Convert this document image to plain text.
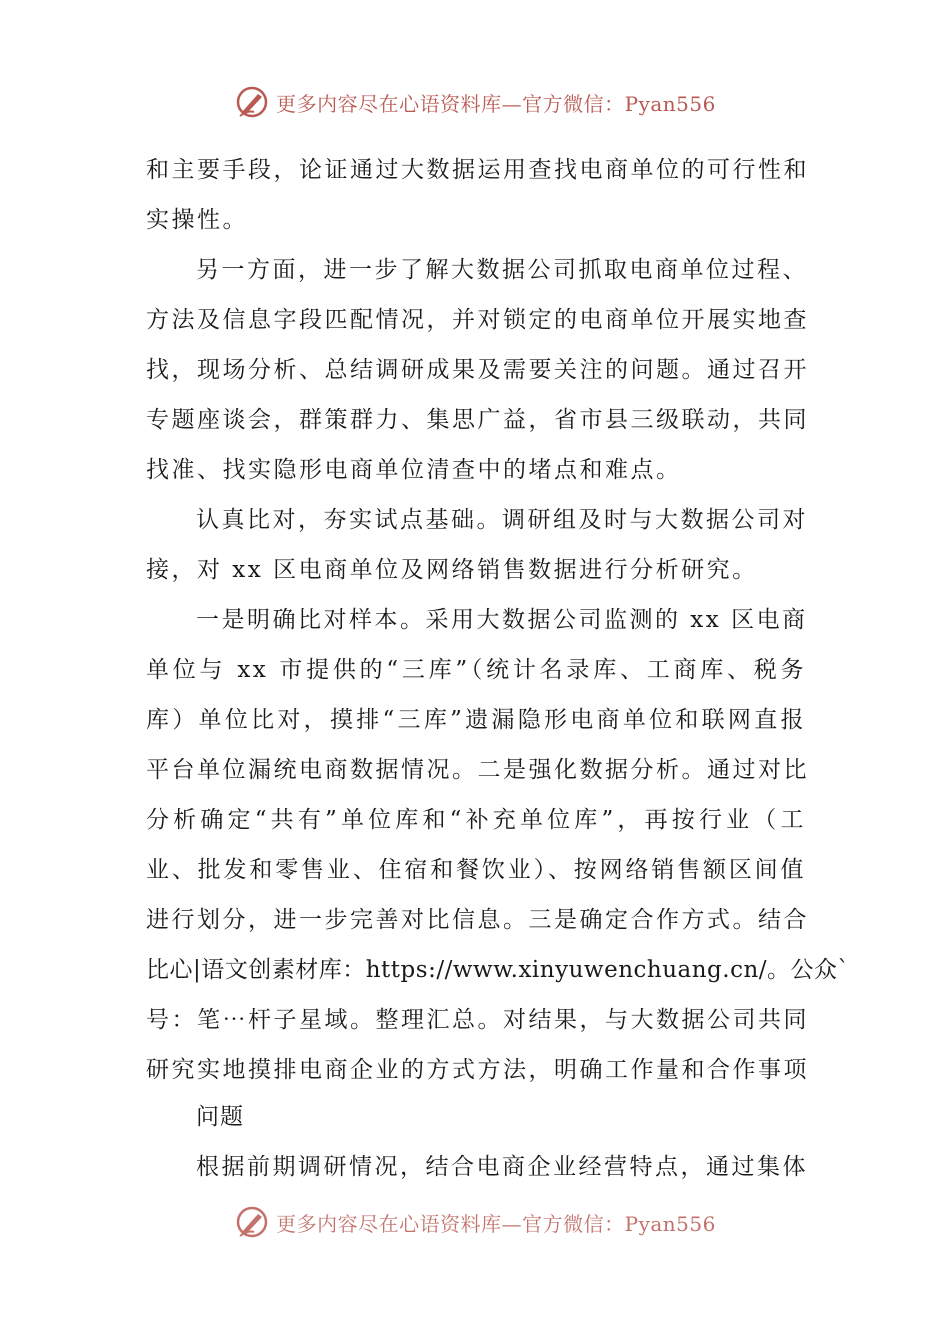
更多内容尽在心语资料库—官方微信：Pyan556
和主要手段，论证通过大数据运用查找电商单位的可行性和
实操性。
另一方面，进一步了解大数据公司抓取电商单位过程、
方法及信息字段匹配情况，并对锁定的电商单位开展实地查
找，现场分析、总结调研成果及需要关注的问题。通过召开
专题座谈会，群策群力、集思广益，省市县三级联动，共同
找准、找实隐形电商单位清查中的堵点和难点。
认真比对，夯实试点基础。调研组及时与大数据公司对
接，对 xx 区电商单位及网络销售数据进行分析研究。
一是明确比对样本。采用大数据公司监测的 xx 区电商
单位与 xx 市提供的“三库”（统计名录库、工商库、税务
库）单位比对，摸排“三库”遗漏隐形电商单位和联网直报
平台单位漏统电商数据情况。二是强化数据分析。通过对比
分析确定“共有”单位库和“补充单位库”，再按行业（工
业、批发和零售业、住宿和餐饮业）、按网络销售额区间值
进行划分，进一步完善对比信息。三是确定合作方式。结合
比心|语文创素材库：https://www.xinyuwenchuang.cn/。公众`
号：笔⋯杆子星域。整理汇总。对结果，与大数据公司共同
研究实地摸排电商企业的方式方法，明确工作量和合作事项
问题
根据前期调研情况，结合电商企业经营特点，通过集体
更多内容尽在心语资料库—官方微信：Pyan556
